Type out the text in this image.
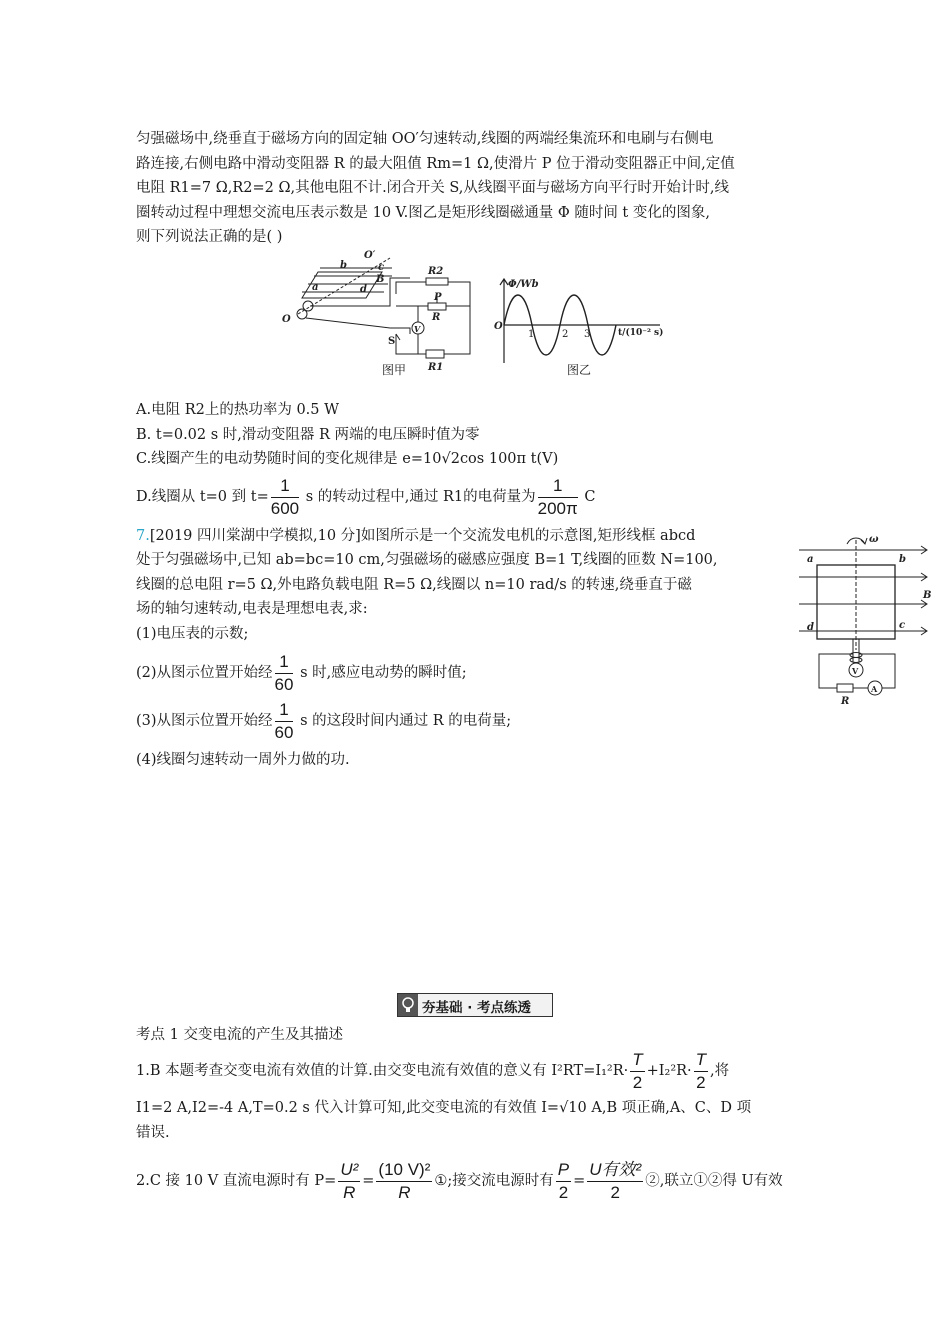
匀强磁场中,绕垂直于磁场方向的固定轴 OO′匀速转动,线圈的两端经集流环和电刷与右侧电
路连接,右侧电路中滑动变阻器 R 的最大阻值 Rm=1 Ω,使滑片 P 位于滑动变阻器正中间,定值
电阻 R1=7 Ω,R2=2 Ω,其他电阻不计.闭合开关 S,从线圈平面与磁场方向平行时开始计时,线
圈转动过程中理想交流电压表示数是 10 V.图乙是矩形线圈磁通量 Φ 随时间 t 变化的图象,
则下列说法正确的是( )
O′
O
b	c
a	d
B
R2
P
R
V
S
R1
图甲
Φ/Wb
O
1	2 3	t/(10⁻² s)
图乙
A.电阻 R2上的热功率为 0.5 W
B. t=0.02 s 时,滑动变阻器 R 两端的电压瞬时值为零
C.线圈产生的电动势随时间的变化规律是 e=10√2cos 100π t(V)
D.线圈从 t=0 到 $t= \frac{1}{600}$ s 的转动过程中,通过 R1的电荷量为 $\frac{1}{200\pi}$ C
7.[2019 四川棠湖中学模拟,10 分]如图所示是一个交流发电机的示意图,矩形线框 abcd
处于匀强磁场中,已知 ab=bc=10 cm,匀强磁场的磁感应强度 B=1 T,线圈的匝数 N=100,
线圈的总电阻 r=5 Ω,外电路负载电阻 R=5 Ω,线圈以 n=10 rad/s 的转速,绕垂直于磁
场的轴匀速转动,电表是理想电表,求:
(1)电压表的示数;
(2)从图示位置开始经 $\frac{1}{60}$ s 时,感应电动势的瞬时值;
(3)从图示位置开始经 $\frac{1}{60}$ s 的这段时间内通过 R 的电荷量;
(4)线圈匀速转动一周外力做的功.
ω
a	b
d	c
B
V
A
R
夯基础 · 考点练透
考点 1 交变电流的产生及其描述
1.B 本题考查交变电流有效值的计算.由交变电流有效值的意义有 $I^2RT=I_1^2R\cdot \frac{T}{2} +I_2^2R\cdot \frac{T}{2}$ ,将
I1=2 A,I2=-4 A,T=0.2 s 代入计算可知,此交变电流的有效值 I=√10 A,B 项正确,A、C、D 项
错误.
2.C 接 10 V 直流电源时有 $P= \frac{\text{U²}}{R} = \frac{\text{(10 V)²}}{R}$ ①;接交流电源时有 $\frac{P}{2} = \frac{\text{U有效²}}{2}$ ②,联立①②得 U有效
